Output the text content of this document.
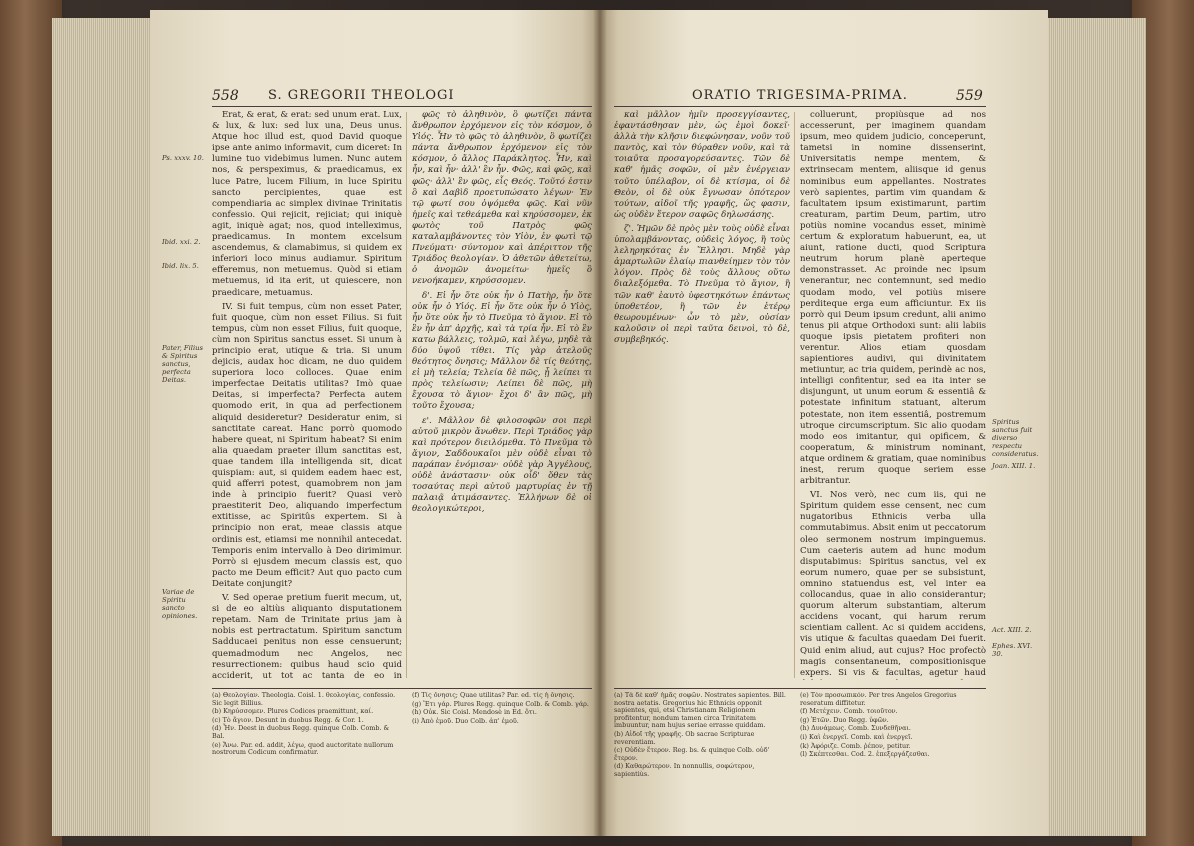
558 S. GREGORII THEOLOGI
Ps. xxxv. 10.
Ibid. xxi. 2.
Ibid. lix. 5.
Pater, Filius & Spiritus sanctus, perfecta Deitas.
Variae de Spiritu sancto opiniones.

Erat, & erat, & erat: sed unum erat. Lux, & lux, & lux: sed lux una, Deus unus. Atque hoc illud est, quod David quoque ipse ante animo informavit, cum diceret: In lumine tuo videbimus lumen. Nunc autem nos, & perspeximus, & praedicamus, ex luce Patre, lucem Filium, in luce Spiritu sancto percipientes, quae est compendiaria ac simplex divinae Trinitatis confessio. Qui rejicit, rejiciat; qui iniquè agit, iniquè agat; nos, quod intelleximus, praedicamus. In montem excelsum ascendemus, & clamabimus, si quidem ex inferiori loco minus audiamur. Spiritum efferemus, non metuemus. Quòd si etiam metuemus, id ita erit, ut quiescere, non praedicare, metuamus.

IV. Si fuit tempus, cùm non esset Pater, fuit quoque, cùm non esset Filius. Si fuit tempus, cùm non esset Filius, fuit quoque, cùm non Spiritus sanctus esset. Si unum à principio erat, utique & tria. Si unum dejicis, audax hoc dicam, ne duo quidem superiora loco colloces. Quae enim imperfectae Deitatis utilitas? Imò quae Deitas, si imperfecta? Perfecta autem quomodo erit, in qua ad perfectionem aliquid desideretur? Desideratur enim, si sanctitate careat. Hanc porrò quomodo habere queat, ni Spiritum habeat? Si enim alia quaedam praeter illum sanctitas est, quae tandem illa intelligenda sit, dicat quispiam: aut, si quidem eadem haec est, quid afferri potest, quamobrem non jam inde à principio fuerit? Quasi verò praestiterit Deo, aliquando imperfectum extitisse, ac Spiritûs expertem. Si à principio non erat, meae classis atque ordinis est, etiamsi me nonnihil antecedat. Temporis enim intervallo à Deo dirimimur. Porrò si ejusdem mecum classis est, quo pacto me Deum efficit? Aut quo pacto cum Deitate conjungit?

V. Sed operae pretium fuerit mecum, ut, si de eo altiùs aliquanto disputationem repetam. Nam de Trinitate prius jam à nobis est pertractatum. Spiritum sanctum Sadducaei penitus non esse censuerunt; quemadmodum nec Angelos, nec resurrectionem: quibus haud scio quid acciderit, ut tot ac tanta de eo in

φῶς τὸ ἀληθινὸν, ὃ φωτίζει πάντα ἄνθρωπον ἐρχόμενον εἰς τὸν κόσμον, ὁ Υἱός. Ἦν τὸ φῶς τὸ ἀληθινὸν, ὃ φωτίζει πάντα ἄνθρωπον ἐρχόμενον εἰς τὸν κόσμον, ὁ ἄλλος Παράκλητος. Ἦν, καὶ ἦν, καὶ ἦν· ἀλλ' ἓν ἦν. Φῶς, καὶ φῶς, καὶ φῶς· ἀλλ' ἓν φῶς, εἷς Θεός. Τοῦτό ἐστιν ὃ καὶ Δαβὶδ προετυπώσατο λέγων· Ἐν τῷ φωτί σου ὀψόμεθα φῶς. Καὶ νῦν ἡμεῖς καὶ τεθεάμεθα καὶ κηρύσσομεν, ἐκ φωτὸς τοῦ Πατρὸς φῶς καταλαμβάνοντες τὸν Υἱὸν, ἐν φωτὶ τῷ Πνεύματι· σύντομον καὶ ἀπέριττον τῆς Τριάδος θεολογίαν. Ὁ ἀθετῶν ἀθετείτω, ὁ ἀνομῶν ἀνομείτω· ἡμεῖς ὃ νενοήκαμεν, κηρύσσομεν.

δ'. Εἰ ἦν ὅτε οὐκ ἦν ὁ Πατὴρ, ἦν ὅτε οὐκ ἦν ὁ Υἱός. Εἰ ἦν ὅτε οὐκ ἦν ὁ Υἱὸς, ἦν ὅτε οὐκ ἦν τὸ Πνεῦμα τὸ ἅγιον. Εἰ τὸ ἓν ἦν ἀπ' ἀρχῆς, καὶ τὰ τρία ἦν. Εἰ τὸ ἓν κατω βάλλεις, τολμῶ, καὶ λέγω, μηδὲ τὰ δύο ὑψοῦ τίθει. Τίς γὰρ ἀτελοῦς θεότητος ὄνησις; Μᾶλλον δὲ τίς θεότης, εἰ μὴ τελεία; Τελεία δὲ πῶς, ᾗ λείπει τι πρὸς τελείωσιν; Λείπει δὲ πῶς, μὴ ἔχουσα τὸ ἅγιον· ἔχοι δ' ἂν πῶς, μὴ τοῦτο ἔχουσα;

ε'. Μᾶλλον δὲ φιλοσοφῶν σοι περὶ αὐτοῦ μικρὸν ἄνωθεν. Περὶ Τριάδος γὰρ καὶ πρότερον διειλόμεθα. Τὸ Πνεῦμα τὸ ἅγιον, Σαδδουκαῖοι μὲν οὐδὲ εἶναι τὸ παράπαν ἐνόμισαν· οὐδὲ γὰρ Ἀγγέλους, οὐδὲ ἀνάστασιν· οὐκ οἶδ' ὅθεν τὰς τοσαύτας περὶ αὐτοῦ μαρτυρίας ἐν τῇ παλαιᾷ ἀτιμάσαντες. Ἑλλήνων δὲ οἱ θεολογικώτεροι,

(a) Θεολογίαν. Theologia. Coisl. 1. θεολογίας, confessio. Sic legit Billius.
(b) Κηρύσσομεν. Plures Codices praemittunt, καί.
(c) Τὸ ἅγιον. Desunt in duobus Regg. & Cor. 1.
(d) Ἦν. Deest in duobus Regg. quinque Colb. Comb. & Bal.
(e) Ἄνω. Par. ed. addit, λέγω, quod auctoritate nullorum nostrorum Codicum confirmatur.
(f) Τίς ὄνησις; Quae utilitas? Par. ed. τίς ἡ ὄνησις.
(g) Ἔτι γάρ. Plures Regg. quinque Colb. & Comb. γάρ.
(h) Οὐκ. Sic Coisl. Mendosè in Ed. ὅτι.
(i) Ἀπὸ ἐμοῦ. Duo Colb. ἀπ' ἐμοῦ.
ORATIO TRIGESIMA-PRIMA.	559

καὶ μᾶλλον ἡμῖν προσεγγίσαντες, ἐφαντάσθησαν μὲν, ὡς ἐμοὶ δοκεῖ· ἀλλὰ τὴν κλῆσιν διεφώνησαν, νοῦν τοῦ παντὸς, καὶ τὸν θύραθεν νοῦν, καὶ τὰ τοιαῦτα προσαγορεύσαντες. Τῶν δὲ καθ' ἡμᾶς σοφῶν, οἱ μὲν ἐνέργειαν τοῦτο ὑπέλαβον, οἱ δὲ κτίσμα, οἱ δὲ Θεὸν, οἱ δὲ οὐκ ἔγνωσαν ὁπότερον τούτων, αἰδοῖ τῆς γραφῆς, ὥς φασιν, ὡς οὐδὲν ἕτερον σαφῶς δηλωσάσης.

ζ'. Ἡμῶν δὲ πρὸς μὲν τοὺς οὐδὲ εἶναι ὑπολαμβάνοντας, οὐδεὶς λόγος, ἢ τοὺς λεληρηκότας ἐν Ἕλλησι. Μηδὲ γὰρ ἁμαρτωλῶν ἐλαίῳ πιανθείημεν τὸν τὸν λόγον. Πρὸς δὲ τοὺς ἄλλους οὕτω διαλεξόμεθα. Τὸ Πνεῦμα τὸ ἅγιον, ἢ τῶν καθ' ἑαυτὸ ὑφεστηκότων ἐπάντως ὑποθετέον, ἢ τῶν ἐν ἑτέρῳ θεωρουμένων· ὧν τὸ μὲν, οὐσίαν καλοῦσιν οἱ περὶ ταῦτα δεινοὶ, τὸ δὲ, συμβεβηκός.

colluerunt, propiùsque ad nos accesserunt, per imaginem quandam ipsum, meo quidem judicio, conceperunt, tametsi in nomine dissenserint, Universitatis nempe mentem, & extrinsecam mentem, aliisque id genus nominibus eum appellantes. Nostrates verò sapientes, partim vim quandam & facultatem ipsum existimarunt, partim creaturam, partim Deum, partim, utro potiùs nomine vocandus esset, minimè certum & exploratum habuerunt, ea, ut aiunt, ratione ducti, quod Scriptura neutrum horum planè aperteque demonstrasset. Ac proinde nec ipsum venerantur, nec contemnunt, sed medio quodam modo, vel potiùs misere perditeque erga eum afficiuntur. Ex iis porrò qui Deum ipsum credunt, alii animo tenus pii atque Orthodoxi sunt: alii labiis quoque ipsis pietatem profiteri non verentur. Alios etiam quosdam sapientiores audivi, qui divinitatem metiuntur, ac tria quidem, perindè ac nos, intelligi confitentur, sed ea ita inter se disjungunt, ut unum eorum & essentiâ & potestate infinitum statuant, alterum potestate, non item essentiâ, postremum utroque circumscriptum. Sic alio quodam modo eos imitantur, qui opificem, & cooperatum, & ministrum nominant, atque ordinem & gratiam, quae nominibus inest, rerum quoque seriem esse arbitrantur.

VI. Nos verò, nec cum iis, qui ne Spiritum quidem esse censent, nec cum nugatoribus Ethnicis verba ulla commutabimus. Absit enim ut peccatorum oleo sermonem nostrum impinguemus. Cum caeteris autem ad hunc modum disputabimus: Spiritus sanctus, vel ex eorum numero, quae per se subsistunt, omnino statuendus est, vel inter ea collocandus, quae in alio considerantur; quorum alterum substantiam, alterum accidens vocant, qui harum rerum scientiam callent. Ac si quidem accidens, vis utique & facultas quaedam Dei fuerit. Quid enim aliud, aut cujus? Hoc profectò magis consentaneum, compositionisque expers. Si vis & facultas, agetur haud

Spiritus sanctus fuit diverso respectu consideratus.
Joan. XIII. 1.
Act. XIII. 2.
Ephes. XVI. 30.
(a) Τὰ δὲ καθ' ἡμᾶς σοφῶν. Nostrates sapientes. Bill. nostra aetatis. Gregorius hic Ethnicis opponit sapientes, qui, etsi Christianam Religionem profitentur, nondum tamen circa Trinitatem imbuuntur, nam hujus seriae errasse quiddam.
(b) Αἰδοῖ τῆς γραφῆς. Ob sacrae Scripturae reverentiam.
(c) Οὐδὲν ἕτερον. Reg. bs. & quinque Colb. οὐδ' ἕτερον.
(d) Καθαρώτερον. In nonnullis, σοφώτερον, sapientiùs.
(e) Τὸν προσωπικόν. Per tres Angelos Gregorius reseratum diffitetur.
(f) Μετέχειν. Comb. τοιοῦτον.
(g) Ἐτῶν. Duo Regg. ὑφῶν.
(h) Δυνάμεως. Comb. Συνδεθῆναι.
(i) Καὶ ἐνεργεῖ. Comb. καὶ ἐνεργεῖ.
(k) Ἀφόριζε. Comb. ῥέπον, petitur.
(l) Σκέπτεσθαι. Cod. 2. ἐπεξεργάζεσθαι.
